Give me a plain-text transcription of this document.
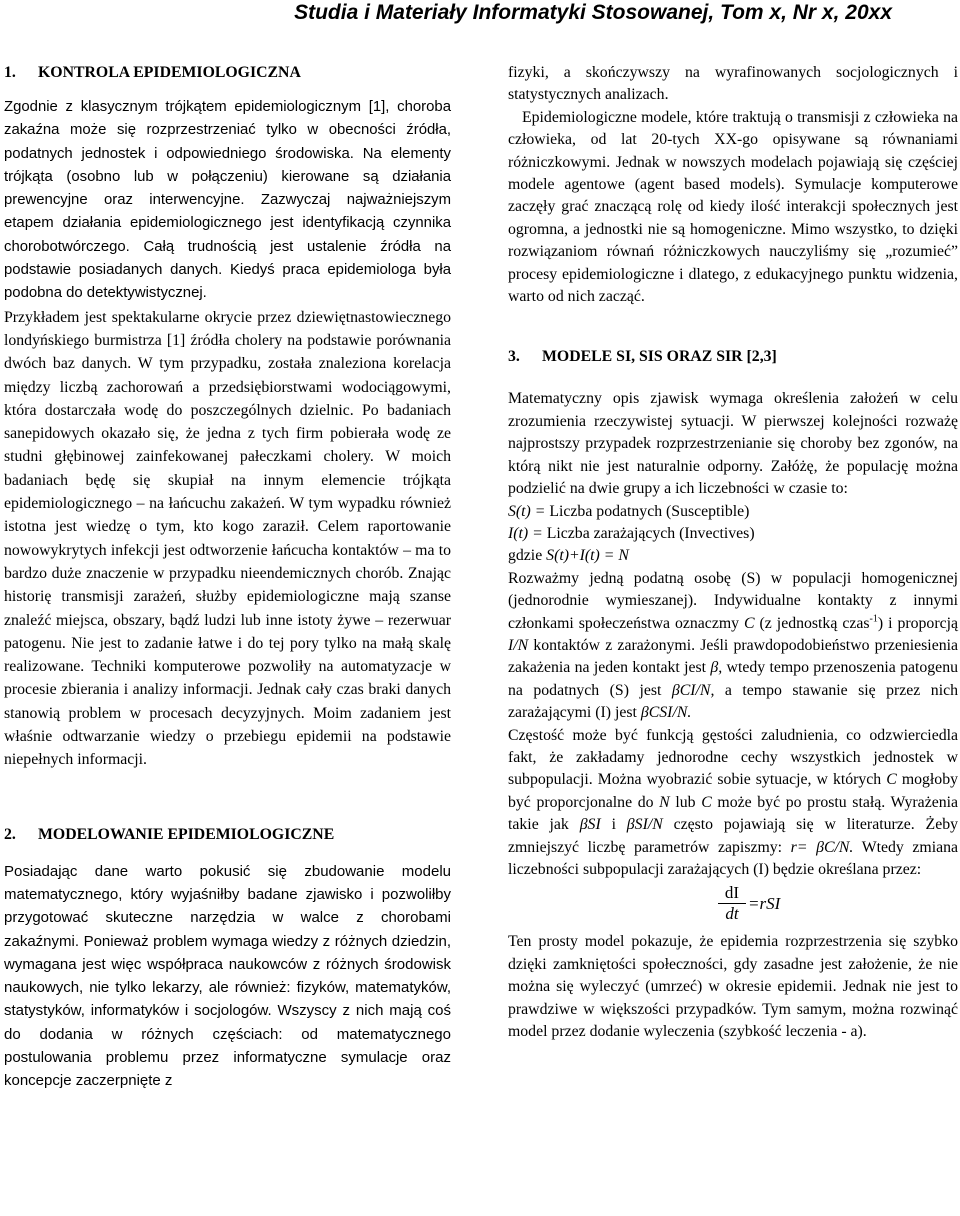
Studia i Materiały Informatyki Stosowanej, Tom x, Nr x, 20xx
1. KONTROLA EPIDEMIOLOGICZNA

Zgodnie z klasycznym trójkątem epidemiologicznym [1], choroba zakaźna może się rozprzestrzeniać tylko w obecności źródła, podatnych jednostek i odpowiedniego środowiska. Na elementy trójkąta (osobno lub w połączeniu) kierowane są działania prewencyjne oraz interwencyjne. Zazwyczaj najważniejszym etapem działania epidemiologicznego jest identyfikacją czynnika chorobotwórczego. Całą trudnością jest ustalenie źródła na podstawie posiadanych danych. Kiedyś praca epidemiologa była podobna do detektywistycznej.

Przykładem jest spektakularne okrycie przez dziewiętnastowiecznego londyńskiego burmistrza [1] źródła cholery na podstawie porównania dwóch baz danych. W tym przypadku, została znaleziona korelacja między liczbą zachorowań a przedsiębiorstwami wodociągowymi, która dostarczała wodę do poszczególnych dzielnic. Po badaniach sanepidowych okazało się, że jedna z tych firm pobierała wodę ze studni głębinowej zainfekowanej pałeczkami cholery. W moich badaniach będę się skupiał na innym elemencie trójkąta epidemiologicznego – na łańcuchu zakażeń. W tym wypadku również istotna jest wiedzę o tym, kto kogo zaraził. Celem raportowanie nowowykrytych infekcji jest odtworzenie łańcucha kontaktów – ma to bardzo duże znaczenie w przypadku nieendemicznych chorób. Znając historię transmisji zarażeń, służby epidemiologiczne mają szanse znaleźć miejsca, obszary, bądź ludzi lub inne istoty żywe – rezerwuar patogenu. Nie jest to zadanie łatwe i do tej pory tylko na małą skalę realizowane. Techniki komputerowe pozwoliły na automatyzacje w procesie zbierania i analizy informacji. Jednak cały czas braki danych stanowią problem w procesach decyzyjnych. Moim zadaniem jest właśnie odtwarzanie wiedzy o przebiegu epidemii na podstawie niepełnych informacji.

2. MODELOWANIE EPIDEMIOLOGICZNE

Posiadając dane warto pokusić się zbudowanie modelu matematycznego, który wyjaśniłby badane zjawisko i pozwoliłby przygotować skuteczne narzędzia w walce z chorobami zakaźnymi. Ponieważ problem wymaga wiedzy z różnych dziedzin, wymagana jest więc współpraca naukowców z różnych środowisk naukowych, nie tylko lekarzy, ale również: fizyków, matematyków, statystyków, informatyków i socjologów. Wszyscy z nich mają coś do dodania w różnych częściach: od matematycznego postulowania problemu przez informatyczne symulacje oraz koncepcje zaczerpnięte z

fizyki, a skończywszy na wyrafinowanych socjologicznych i statystycznych analizach.

Epidemiologiczne modele, które traktują o transmisji z człowieka na człowieka, od lat 20-tych XX-go opisywane są równaniami różniczkowymi. Jednak w nowszych modelach pojawiają się częściej modele agentowe (agent based models). Symulacje komputerowe zaczęły grać znaczącą rolę od kiedy ilość interakcji społecznych jest ogromna, a jednostki nie są homogeniczne. Mimo wszystko, to dzięki rozwiązaniom równań różniczkowych nauczyliśmy się „rozumieć” procesy epidemiologiczne i dlatego, z edukacyjnego punktu widzenia, warto od nich zacząć.

3. MODELE SI, SIS ORAZ SIR [2,3]

Matematyczny opis zjawisk wymaga określenia założeń w celu zrozumienia rzeczywistej sytuacji. W pierwszej kolejności rozważę najprostszy przypadek rozprzestrzenianie się choroby bez zgonów, na którą nikt nie jest naturalnie odporny. Załóżę, że populację można podzielić na dwie grupy a ich liczebności w czasie to:

S(t) = Liczba podatnych (Susceptible)
I(t) = Liczba zarażających (Invectives)
gdzie S(t)+I(t) = N

Rozważmy jedną podatną osobę (S) w populacji homogenicznej (jednorodnie wymieszanej). Indywidualne kontakty z innymi członkami społeczeństwa oznaczmy C (z jednostką czas$^{-1}$) i proporcją I/N kontaktów z zarażonymi. Jeśli prawdopodobieństwo przeniesienia zakażenia na jeden kontakt jest β, wtedy tempo przenoszenia patogenu na podatnych (S) jest βCI/N, a tempo stawanie się przez nich zarażającymi (I) jest βCSI/N.

Częstość może być funkcją gęstości zaludnienia, co odzwierciedla fakt, że zakładamy jednorodne cechy wszystkich jednostek w subpopulacji. Można wyobrazić sobie sytuacje, w których C mogłoby być proporcjonalne do N lub C może być po prostu stałą. Wyrażenia takie jak βSI i βSI/N często pojawiają się w literaturze. Żeby zmniejszyć liczbę parametrów zapiszmy: r= βC/N. Wtedy zmiana liczebności subpopulacji zarażających (I) będzie określana przez:

dI
dt
=rSI

Ten prosty model pokazuje, że epidemia rozprzestrzenia się szybko dzięki zamkniętości społeczności, gdy zasadne jest założenie, że nie można się wyleczyć (umrzeć) w okresie epidemii. Jednak nie jest to prawdziwe w większości przypadków. Tym samym, można rozwinąć model przez dodanie wyleczenia (szybkość leczenia - a).
